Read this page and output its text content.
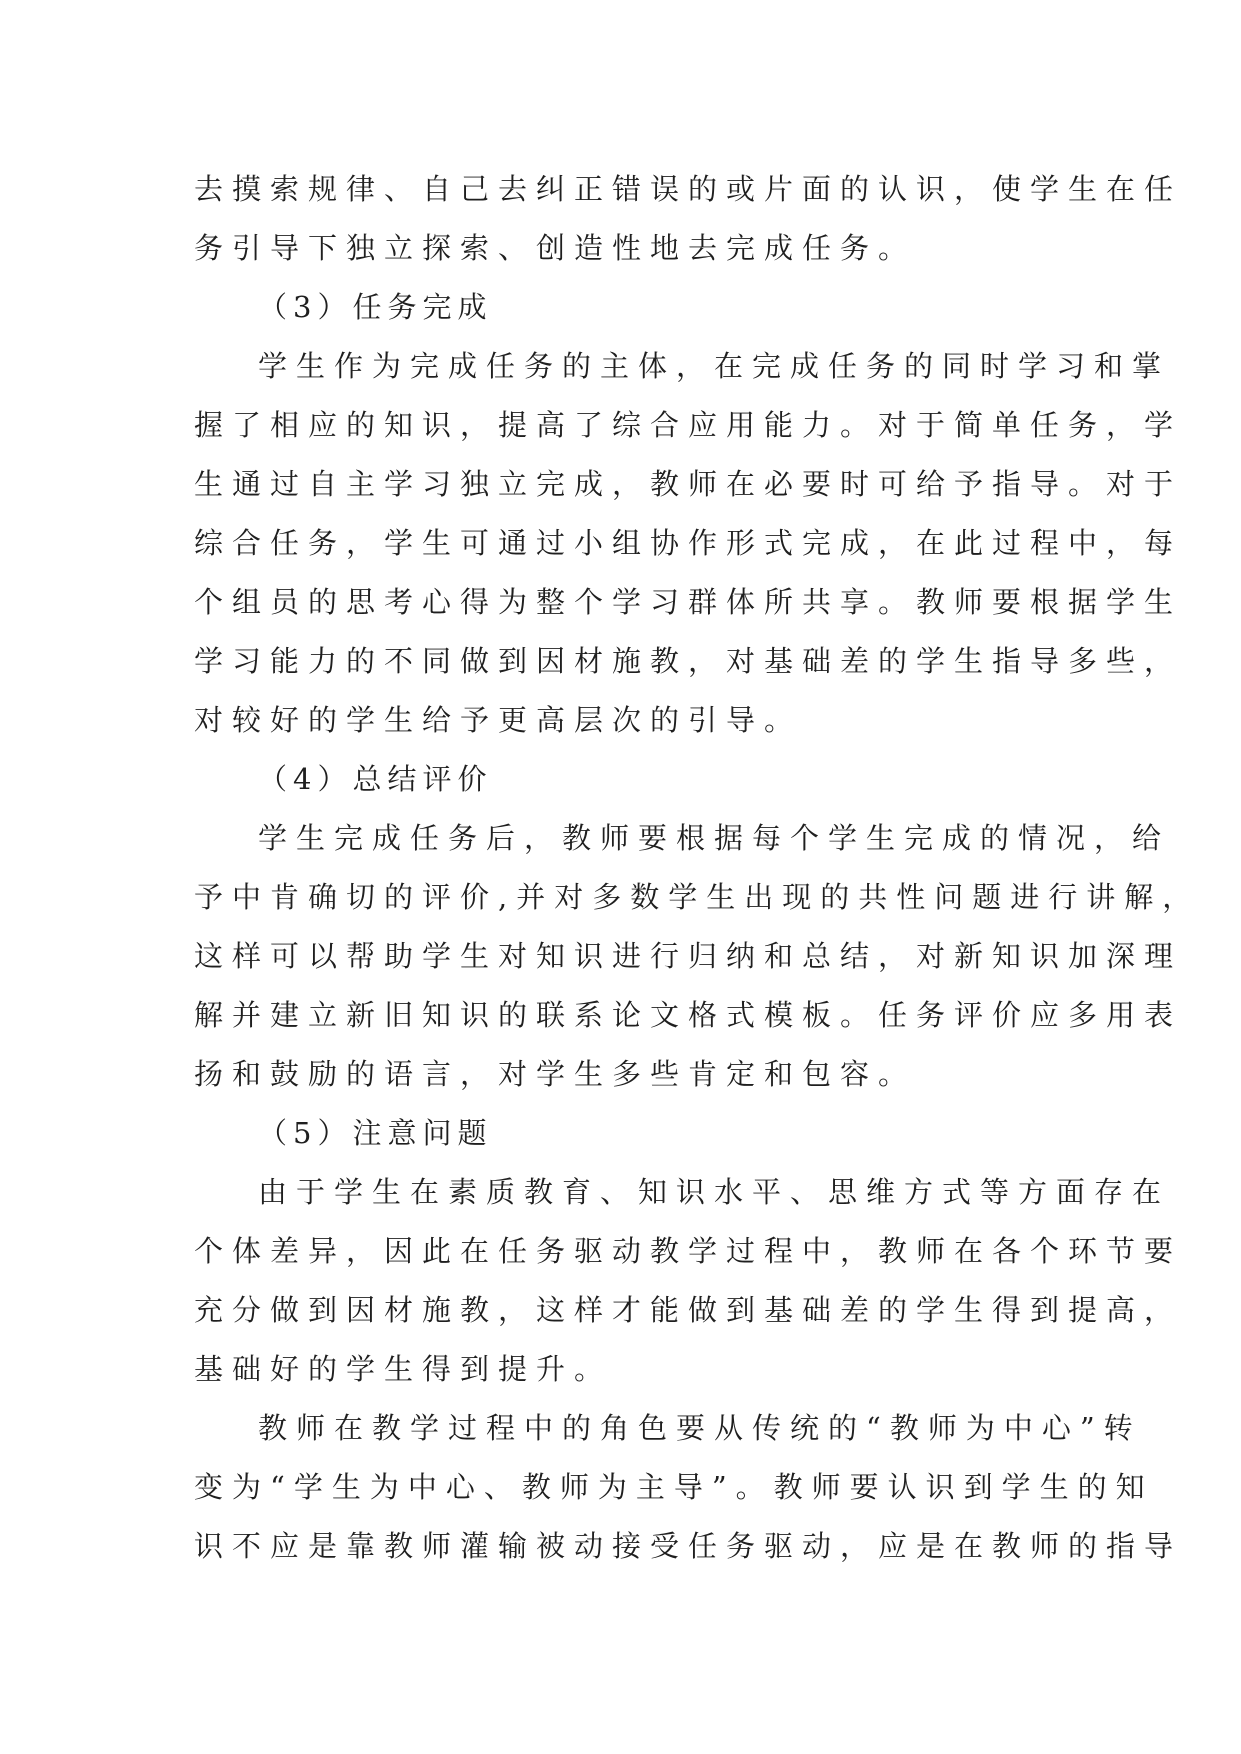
去摸索规律、自己去纠正错误的或片面的认识，使学生在任
务引导下独立探索、创造性地去完成任务。
（3）任务完成
学生作为完成任务的主体，在完成任务的同时学习和掌
握了相应的知识，提高了综合应用能力。对于简单任务，学
生通过自主学习独立完成，教师在必要时可给予指导。对于
综合任务，学生可通过小组协作形式完成，在此过程中，每
个组员的思考心得为整个学习群体所共享。教师要根据学生
学习能力的不同做到因材施教，对基础差的学生指导多些，
对较好的学生给予更高层次的引导。
（4）总结评价
学生完成任务后，教师要根据每个学生完成的情况，给
予中肯确切的评价,并对多数学生出现的共性问题进行讲解，
这样可以帮助学生对知识进行归纳和总结，对新知识加深理
解并建立新旧知识的联系论文格式模板。任务评价应多用表
扬和鼓励的语言，对学生多些肯定和包容。
（5）注意问题
由于学生在素质教育、知识水平、思维方式等方面存在
个体差异，因此在任务驱动教学过程中，教师在各个环节要
充分做到因材施教，这样才能做到基础差的学生得到提高，
基础好的学生得到提升。
教师在教学过程中的角色要从传统的“教师为中心”转
变为“学生为中心、教师为主导”。教师要认识到学生的知
识不应是靠教师灌输被动接受任务驱动，应是在教师的指导
